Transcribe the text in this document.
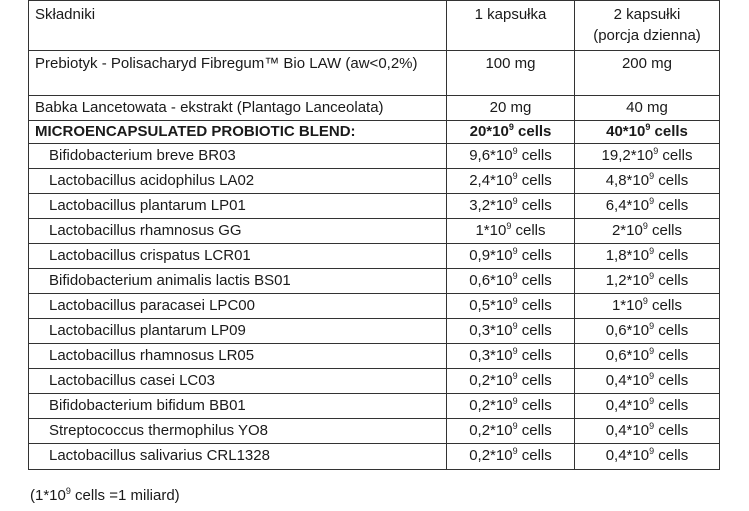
Składniki	1 kapsułka	2 kapsułki
(porcja dzienna)
Prebiotyk - Polisacharyd Fibregum™ Bio LAW (aw<0,2%)	100 mg	200 mg
Babka Lancetowata - ekstrakt (Plantago Lanceolata)	20 mg	40 mg
MICROENCAPSULATED PROBIOTIC BLEND:	$20*10^9$ cells	$40*10^9$ cells
Bifidobacterium breve BR03	$9,6*10^9$ cells	$19,2*10^9$ cells
Lactobacillus acidophilus LA02	$2,4*10^9$ cells	$4,8*10^9$ cells
Lactobacillus plantarum LP01	$3,2*10^9$ cells	$6,4*10^9$ cells
Lactobacillus rhamnosus GG	$1*10^9$ cells	$2*10^9$ cells
Lactobacillus crispatus LCR01	$0,9*10^9$ cells	$1,8*10^9$ cells
Bifidobacterium animalis lactis BS01	$0,6*10^9$ cells	$1,2*10^9$ cells
Lactobacillus paracasei LPC00	$0,5*10^9$ cells	$1*10^9$ cells
Lactobacillus plantarum LP09	$0,3*10^9$ cells	$0,6*10^9$ cells
Lactobacillus rhamnosus LR05	$0,3*10^9$ cells	$0,6*10^9$ cells
Lactobacillus casei LC03	$0,2*10^9$ cells	$0,4*10^9$ cells
Bifidobacterium bifidum BB01	$0,2*10^9$ cells	$0,4*10^9$ cells
Streptococcus thermophilus YO8	$0,2*10^9$ cells	$0,4*10^9$ cells
Lactobacillus salivarius CRL1328	$0,2*10^9$ cells	$0,4*10^9$ cells
($1*10^9$ cells =1 miliard)
